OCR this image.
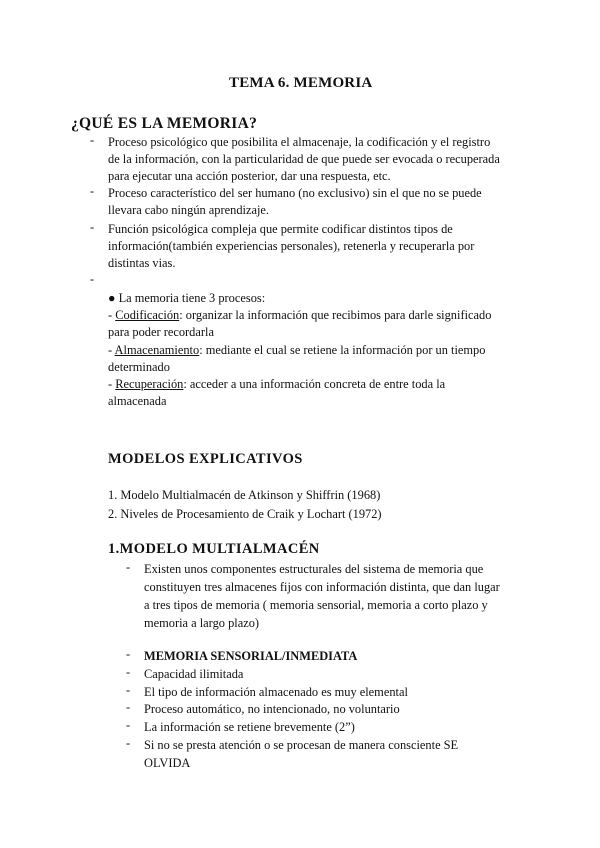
TEMA 6. MEMORIA
¿QUÉ ES LA MEMORIA?
- Proceso psicológico que posibilita el almacenaje, la codificación y el registro
de la información, con la particularidad de que puede ser evocada o recuperada
para ejecutar una acción posterior, dar una respuesta, etc.
- Proceso característico del ser humano (no exclusivo) sin el que no se puede
llevara cabo ningún aprendizaje.
- Función psicológica compleja que permite codificar distintos tipos de
información(también experiencias personales), retenerla y recuperarla por
distintas vias.
-
● La memoria tiene 3 procesos:
- Codificación: organizar la información que recibimos para darle significado
para poder recordarla
- Almacenamiento: mediante el cual se retiene la información por un tiempo
determinado
- Recuperación: acceder a una información concreta de entre toda la
almacenada
MODELOS EXPLICATIVOS
1. Modelo Multialmacén de Atkinson y Shiffrin (1968)
2. Niveles de Procesamiento de Craik y Lochart (1972)
1.MODELO MULTIALMACÉN
- Existen unos componentes estructurales del sistema de memoria que
constituyen tres almacenes fijos con información distinta, que dan lugar
a tres tipos de memoria ( memoria sensorial, memoria a corto plazo y
memoria a largo plazo)
- MEMORIA SENSORIAL/INMEDIATA
- Capacidad ilimitada
- El tipo de información almacenado es muy elemental
- Proceso automático, no intencionado, no voluntario
- La información se retiene brevemente (2”)
- Si no se presta atención o se procesan de manera consciente SE
OLVIDA
